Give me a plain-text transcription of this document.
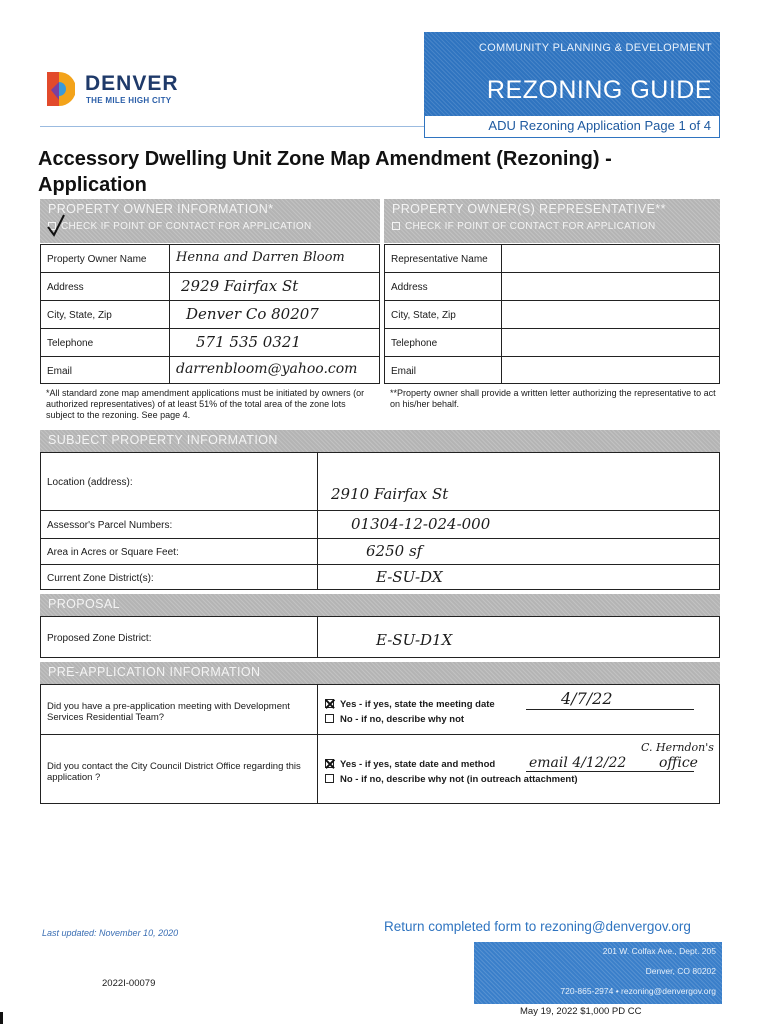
DENVER
THE MILE HIGH CITY
COMMUNITY PLANNING & DEVELOPMENT
REZONING GUIDE
ADU Rezoning Application Page 1 of 4
Accessory Dwelling Unit Zone Map Amendment (Rezoning) - Application
PROPERTY OWNER INFORMATION*
CHECK IF POINT OF CONTACT FOR APPLICATION
PROPERTY OWNER(S) REPRESENTATIVE**
CHECK IF POINT OF CONTACT FOR APPLICATION
Property Owner Name Henna and Darren Bloom
Address	2929 Fairfax St
City, State, Zip	Denver Co 80207
Telephone	571 535 0321
Email	darrenbloom@yahoo.com
*All standard zone map amendment applications must be initiated by owners (or authorized representatives) of at least 51% of the total area of the zone lots subject to the rezoning. See page 4.
Representative Name
Address
City, State, Zip
Telephone
Email
**Property owner shall provide a written letter authorizing the representative to act on his/her behalf.
SUBJECT PROPERTY INFORMATION
Location (address):
2910 Fairfax St
Assessor's Parcel Numbers:	01304-12-024-000
Area in Acres or Square Feet:	6250 sf
Current Zone District(s):	E-SU-DX
PROPOSAL
Proposed Zone District:	E-SU-D1X
PRE-APPLICATION INFORMATION
Did you have a pre-application meeting with Development Services Residential Team?
Yes - if yes, state the meeting date
No - if no, describe why not
4/7/22
Did you contact the City Council District Office regarding this application ?
Yes - if yes, state date and method
No - if no, describe why not (in outreach attachment)
C. Herndon's
email 4/12/22 office
Last updated: November 10, 2020	Return completed form to rezoning@denvergov.org
201 W. Colfax Ave., Dept. 205
Denver, CO 80202
720-865-2974 • rezoning@denvergov.org
2022I-00079
May 19, 2022 $1,000 PD CC
